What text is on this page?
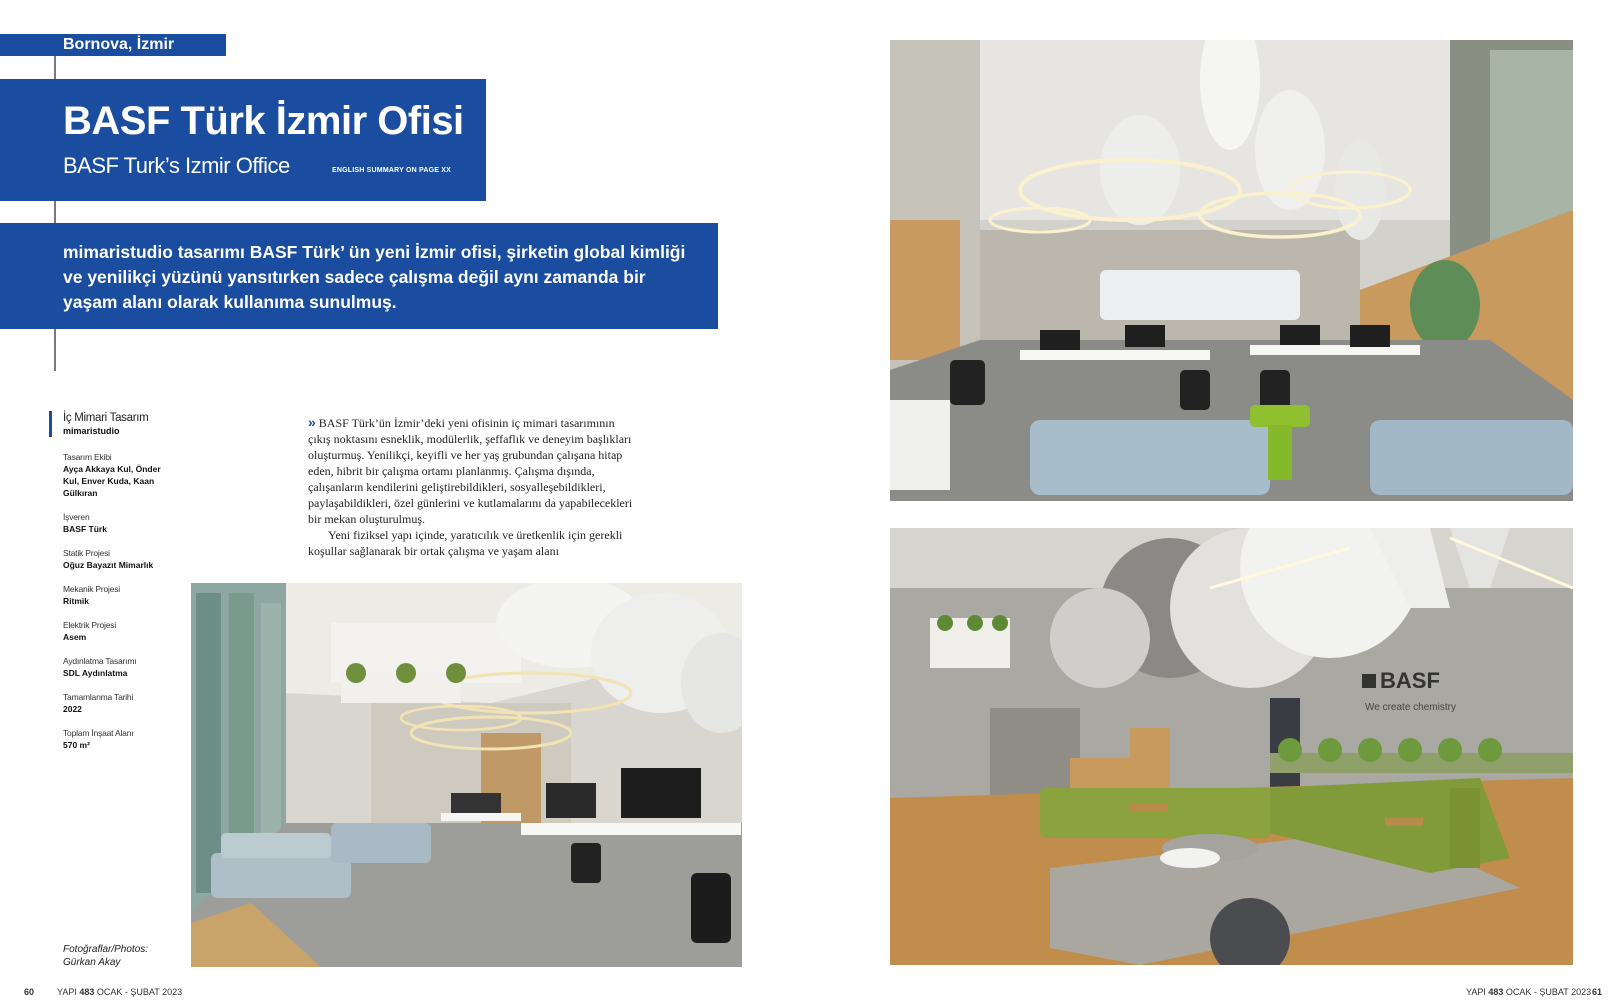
Bornova, İzmir
BASF Türk İzmir Ofisi
BASF Turk’s Izmir Office	ENGLISH SUMMARY ON PAGE XX
mimaristudio tasarımı BASF Türk’ ün yeni İzmir ofisi, şirketin global kimliği ve yenilikçi yüzünü yansıtırken sadece çalışma değil aynı zamanda bir yaşam alanı olarak kullanıma sunulmuş.
İç Mimari Tasarım
mimaristudio
Tasarım Ekibi
Ayça Akkaya Kul, Önder Kul, Enver Kuda, Kaan Gülkıran
İşveren
BASF Türk
Statik Projesi
Oğuz Bayazıt Mimarlık
Mekanik Projesi
Ritmik
Elektrik Projesi
Asem
Aydınlatma Tasarımı
SDL Aydınlatma
Tamamlanma Tarihi
2022
Toplam İnşaat Alanı
570 m²
Fotoğraflar/Photos:
Gürkan Akay

» BASF Türk’ün İzmir’deki yeni ofisinin iç mimari tasarımının çıkış noktasını esneklik, modülerlik, şeffaflık ve deneyim başlıkları oluşturmuş. Yenilikçi, keyifli ve her yaş grubundan çalışana hitap eden, hibrit bir çalışma ortamı planlanmış. Çalışma dışında, çalışanların kendilerini geliştirebildikleri, sosyalleşebildikleri, paylaşabildikleri, özel günlerini ve kutlamalarını da yapabilecekleri bir mekan oluşturulmuş.

Yeni fiziksel yapı içinde, yaratıcılık ve üretkenlik için gerekli koşullar sağlanarak bir ortak çalışma ve yaşam alanı

BASF
We create chemistry
60	YAPI 483 OCAK - ŞUBAT 2023	YAPI 483 OCAK - ŞUBAT 2023 61
